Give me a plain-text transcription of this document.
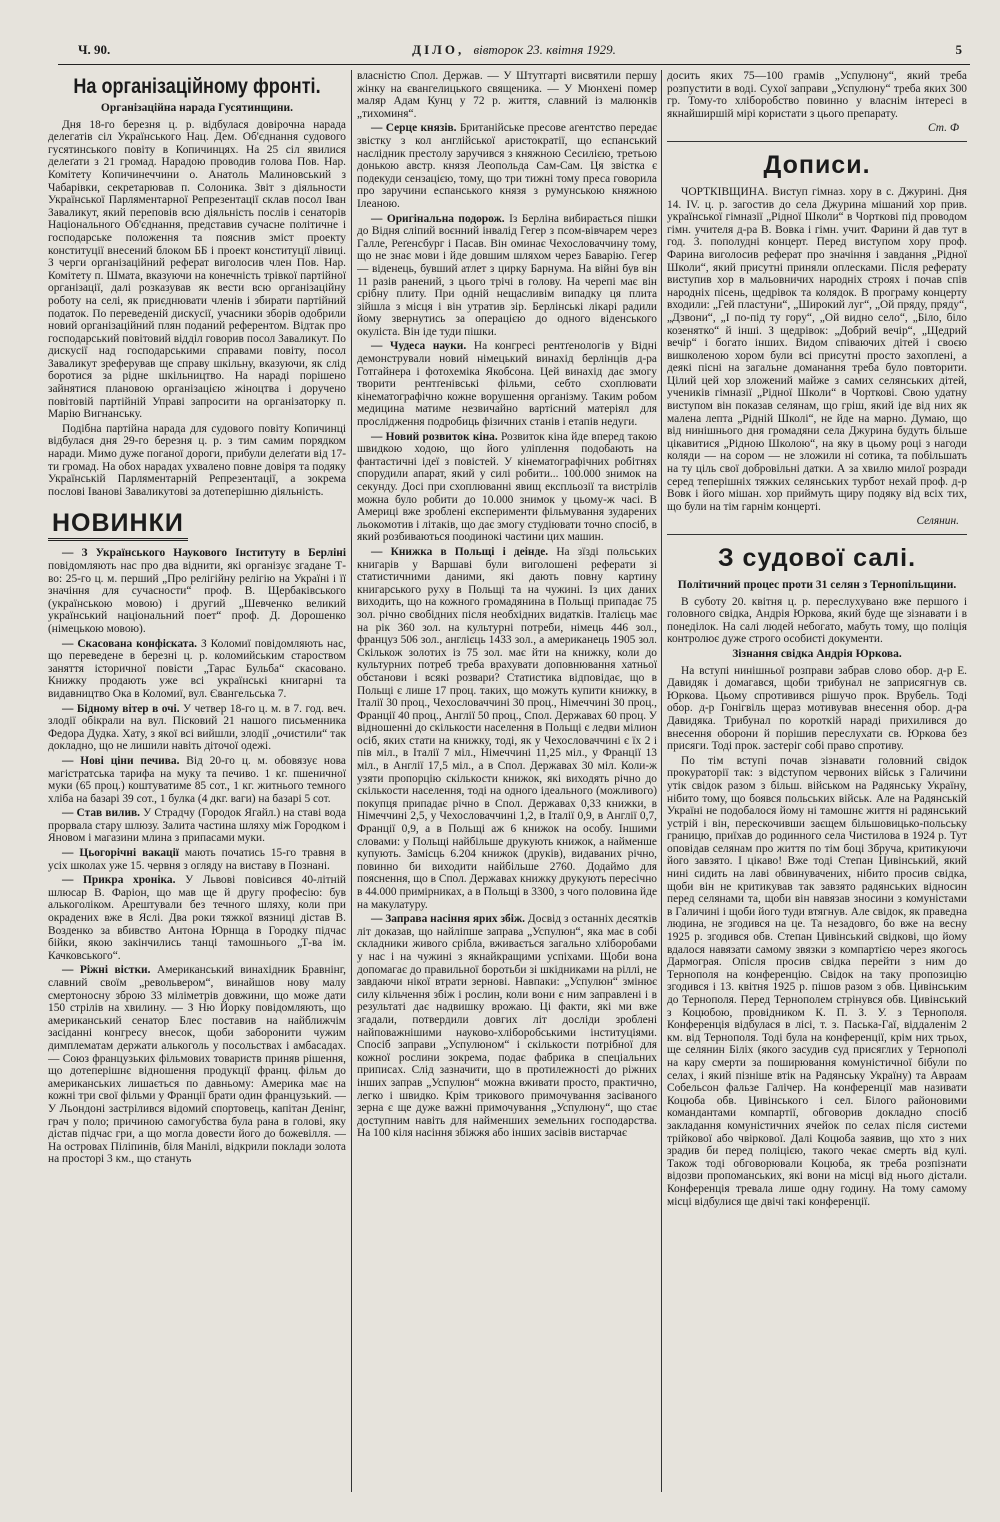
Ч. 90.	ДІЛО, вівторок 23. квітня 1929.	5
На організаційному фронті.
Організаційна нарада Гусятинщини.

Дня 18-го березня ц. р. відбулася довірочна нарада делегатів сіл Українського Нац. Дем. Об'єднання судового гусятинського повіту в Копичинцях. На 25 сіл явилися делеґати з 21 громад. Нарадою проводив голова Пов. Нар. Комітету Копичинеччини о. Анатоль Малиновський з Чабарівки, секретарював п. Солоника. Звіт з діяльности Української Парляментарної Репрезентації склав посол Іван Заваликут, який переповів всю діяльність послів і сенаторів Національного Об'єднання, представив сучасне політичне і господарське положення та пояснив зміст проекту конституції внесений блоком ББ і проект конституції лівиці. З черги організаційний реферат виголосив член Пов. Нар. Комітету п. Шмата, вказуючи на конечність трівкої партійної організації, далі розказував як вести всю організаційну роботу на селі, як приєднювати членів і збирати партійний податок. По переведеній дискусії, учасники зборів одобрили новий організаційний плян поданий референтом. Відтак про господарський повітовий відділ говорив посол Заваликут. По дискусії над господарськими справами повіту, посол Заваликут зреферував ще справу шкільну, вказуючи, як слід боротися за рідне шкільництво. На нараді порішено зайнятися плановою організацією жіноцтва і доручено повітовій партійній Управі запросити на організаторку п. Марію Вигнанську.

Подібна партійна нарада для судового повіту Копичинці відбулася дня 29-го березня ц. р. з тим самим порядком наради. Мимо дуже поганої дороги, прибули делеґати від 17-ти громад. На обох нарадах ухвалено повне довіря та подяку Українській Парляментарній Репрезентації, а зокрема послові Іванові Заваликутові за дотеперішню діяльність.

НОВИНКИ

— З Українського Наукового Інституту в Берліні повідомляють нас про два віднити, які організує згадане Т-во: 25-го ц. м. перший „Про релігійну релігію на Україні і її значіння для сучасности“ проф. В. Щербаківського (українською мовою) і другий „Шевченко великий український національний поет“ проф. Д. Дорошенко (німецькою мовою).

— Скасована конфіската. З Коломиї повідомляють нас, що переведене в березні ц. р. коломийським староством заняття історичної повісти „Тарас Бульба“ скасовано. Книжку продають уже всі українські книгарні та видавництво Ока в Коломиї, вул. Євангельська 7.

— Бідному вітер в очі. У четвер 18-го ц. м. в 7. год. веч. злодії обікрали на вул. Пісковий 21 нашого письменника Федора Дудка. Хату, з якої всі вийшли, злодії „очистили“ так докладно, що не лишили навіть діточої одежі.

— Нові ціни печива. Від 20-го ц. м. обовязує нова магістратська тарифа на муку та печиво. 1 кг. пшеничної муки (65 проц.) коштуватиме 85 сот., 1 кг. житнього темного хліба на базарі 39 сот., 1 булка (4 дкг. ваги) на базарі 5 сот.

— Став вилив. У Страдчу (Городок Ягайл.) на ставі вода прорвала стару шлюзу. Залита частина шляху між Городком і Яновом і магазини млина з припасами муки.

— Цьогорічні вакації мають початись 15-го травня в усіх школах уже 15. червня з огляду на виставу в Познані.

— Прикра хроніка. У Львові повісився 40-літній шлюсар В. Фаріон, що мав ще й другу професію: був алькоголіком. Арештували без течного шляху, коли при окрадених вже в Яслі. Два роки тяжкої вязниці дістав В. Возденко за вбивство Антона Юрнща в Городку підчас бійки, якою закінчились танці тамошнього „Т-ва ім. Качковського“.

— Ріжні вістки. Американський винахідник Бравнінг, славний своїм „револьвером“, винайшов нову малу смертоносну зброю 33 міліметрів довжини, що може дати 150 стрілів на хвилину. — З Ню Йорку повідомляють, що американський сенатор Блес поставив на найближчім засіданні конгресу внесок, щоби заборонити чужим димплематам держати алькоголь у посольствах і амбасадах. — Союз французьких фільмових товариств приняв рішення, що дотеперішнє відношення продукції франц. фільм до американських лишається по давньому: Америка має на кожні три свої фільми у Франції брати один французький. — У Льондоні застрілився відомий спортовець, капітан Денінг, грач у поло; причиною самогубства була рана в голові, яку дістав підчас гри, а що могла довести його до божевілля. — На островах Піліпинів, біля Манілі, відкрили поклади золота на просторі 3 км., що стануть

власністю Спол. Держав. — У Штутгарті висвятили першу жінку на євангелицького священика. — У Мюнхені помер маляр Адам Кунц у 72 р. життя, славний із малюнків „тихоминя“.

— Серце князів. Британійське пресове агентство передає звістку з кол англійської аристократії, що еспанський наслідник престолу заручився з княжною Сесилією, третьою донькою австр. князя Леопольда Сам-Сам. Ця звістка є подекуди сензацією, тому, що три тижні тому преса говорила про заручини еспанського князя з румунською княжною Ілеаною.

— Оригінальна подорож. Із Берліна вибирається пішки до Відня сліпий воєнний інвалід Гегер з псом-вівчарем через Галле, Реґенсбург і Пасав. Він оминає Чехословаччину тому, що не знає мови і йде довшим шляхом через Баварію. Гегер — віденець, бувший атлет з цирку Барнума. На війні був він 11 разів ранений, з цього трічі в голову. На черепі має він срібну плиту. При одній нещасливім випадку ця плита зійшла з місця і він утратив зір. Берлінські лікарі радили йому звернутись за операцією до одного віденського окуліста. Він іде туди пішки.

— Чудеса науки. На конгресі рентґенологів у Відні демонстрували новий німецький винахід берлінців д-ра Готгайнера і фотохеміка Якобсона. Цей винахід дає змогу творити рентґенівські фільми, себто схоплювати кінематографічно кожне ворушення організму. Таким робом медицина матиме незвичайно вартісний матеріял для прослідження подробиць фізичних станів і етапів недуги.

— Новий розвиток кіна. Розвиток кіна йде вперед такою швидкою ходою, що його уліплення подобають на фантастичні ідеї з повістей. У кінематографічних робітнях спорудили апарат, який у силі робити... 100.000 знимок на секунду. Досі при схоплюванні явищ експльозії та вистрілів можна було робити до 10.000 знимок у цьому-ж часі. В Америці вже зроблені експерименти фільмування зударених льокомотив і літаків, що дає змогу студіювати точно спосіб, в який розбиваються поодинокі частини цих машин.

— Книжка в Польщі і деінде. На зїзді польських книгарів у Варшаві були виголошені реферати зі статистичними даними, які дають повну картину книгарського руху в Польщі та на чужині. Із цих даних виходить, що на кожного громадянина в Польщі припадає 75 зол. річно свобідних після необхідних видатків. Італієць має на рік 360 зол. на культурні потреби, німець 446 зол., француз 506 зол., англієць 1433 зол., а американець 1905 зол. Скількож золотих із 75 зол. має йти на книжку, коли до культурних потреб треба врахувати доповнювання хатньої обстанови і всякі розвари? Статистика відповідає, що в Польщі є лише 17 проц. таких, що можуть купити книжку, в Італії 30 проц., Чехословаччині 30 проц., Німеччині 30 проц., Франції 40 проц., Англії 50 проц., Спол. Державах 60 проц. У відношенні до скількости населення в Польщі є ледви мілион осіб, яких стати на книжку, тоді, як у Чехословаччині є їх 2 і пів міл., в Італії 7 міл., Німеччині 11,25 міл., у Франції 13 міл., в Англії 17,5 міл., а в Спол. Державах 30 міл. Коли-ж узяти пропорцію скількости книжок, які виходять річно до скількости населення, тоді на одного ідеального (можливого) покупця припадає річно в Спол. Державах 0,33 книжки, в Німеччині 2,5, у Чехословаччині 1,2, в Італії 0,9, в Англії 0,7, Франції 0,9, а в Польщі аж 6 книжок на особу. Іншими словами: у Польщі найбільше друкують книжок, а найменше купують. Замісць 6.204 книжок (друків), видаваних річно, повинно би виходити найбільше 2760. Додаймо для пояснення, що в Спол. Державах книжку друкують пересічно в 44.000 примірниках, а в Польщі в 3300, з чого половина йде на макулатуру.

— Заправа насіння ярих збіж. Досвід з останніх десятків літ доказав, що найліпше заправа „Успулюн“, яка має в собі складники живого срібла, вживається загально хліборобами у нас і на чужині з якнайкращими успіхами. Щоби вона допомагає до правильної боротьби зі шкідниками на ріллі, не завдаючи нікої втрати зернові. Навпаки: „Успулюн“ змінює силу кільчення збіж і рослин, коли вони є ним заправлені і в результаті дає надвишку врожаю. Ці факти, які ми вже згадали, потвердили довгих літ досліди зроблені найповажнішими науково-хліборобськими інституціями. Спосіб заправи „Успулюном“ і скількости потрібної для кожної рослини зокрема, подає фабрика в спеціальних приписах. Слід зазначити, що в протилежності до ріжних інших заправ „Успулюн“ можна вживати просто, практично, легко і швидко. Крім трикового примочування засіваного зерна є ще дуже важні примочування „Успулюну“, що стає доступним навіть для найменших земельних господарства. На 100 кіля насіння збіжжя або інших засівів вистарчає

досить яких 75—100 грамів „Успулюну“, який треба розпустити в воді. Сухої заправи „Успулюну“ треба яких 300 гр. Тому-то хліборобство повинно у власнім інтересі в якнайширшій мірі користати з цього препарату.

Ст. Ф
Дописи.

ЧОРТКІВЩИНА. Виступ гімназ. хору в с. Джурині. Дня 14. IV. ц. р. загостив до села Джурина мішаний хор прив. української гімназії „Рідної Школи“ в Чорткові під проводом гімн. учителя д-ра В. Вовка і гімн. учит. Фарини й дав тут в год. 3. пополудні концерт. Перед виступом хору проф. Фарина виголосив реферат про значіння і завдання „Рідної Школи“, який присутні приняли оплесками. Після реферату виступив хор в мальовничих народніх строях і почав спів народніх пісень, щедрівок та колядок. В програму концерту входили: „Гей пластуни“, „Широкий луг“, „Ой пряду, пряду“, „Дзвони“, „І по-під ту гору“, „Ой видно село“, „Біло, біло козенятко“ й інші. З щедрівок: „Добрий вечір“, „Щедрий вечір“ і богато інших. Видом співаючих дітей і своєю вишколеною хором були всі присутні просто захоплені, а деякі пісні на загальне доманання треба було повторити. Цілий цей хор зложений майже з самих селянських дітей, учеників гімназії „Рідної Школи“ в Чорткові. Свою удатну виступом він показав селянам, що гріш, який іде від них як малена лепта „Рідній Школі“, не йде на марно. Думаю, що від нинішнього дня громадяни села Джурина будуть більше цікавитися „Рідною Школою“, на яку в цьому році з нагоди коляди — на сором — не зложили ні сотика, та побільшать на ту ціль свої добровільні датки. А за хвилю милої розради серед теперішніх тяжких селянських турбот нехай проф. д-р Вовк і його мішан. хор приймуть щиру подяку від всіх тих, що були на тім гарнім концерті.

Селянин.
З судової салі.
Політичний процес проти 31 селян з Тернопільщини.

В суботу 20. квітня ц. р. переслухувано вже першого і головного свідка, Андрія Юркова, який буде ще зізнавати і в понеділок. На салі людей небогато, мабуть тому, що поліція контролює дуже строго особисті документи.

Зізнання свідка Андрія Юркова.

На вступі нинішньої розправи забрав слово обор. д-р Е. Давидяк і домагався, щоби трибунал не заприсягнув св. Юркова. Цьому спротивився рішучо прок. Врубель. Тоді обор. д-р Гонігвіль щераз мотивував внесення обор. д-ра Давидяка. Трибунал по короткій нараді прихилився до внесення оборони й порішив переслухати св. Юркова без присяги. Тоді прок. застеріг собі право спротиву.

По тім вступі почав зізнавати головний свідок прокураторії так: з відступом червоних військ з Галичини утік свідок разом з більш. військом на Радянську Україну, нібито тому, що боявся польських військ. Але на Радянській Україні не подобалося йому ні тамошнє життя ні радянський устрій і він, перескочивши заєщем більшовицько-польську границю, приїхав до родинного села Чистилова в 1924 р. Тут оповідав селянам про життя по тім боці Збруча, критикуючи його завзято. І цікаво! Вже тоді Степан Цивінський, який нині сидить на лаві обвинувачених, нібито просив свідка, щоби він не критикував так завзято радянських відносин перед селянами та, щоби він навязав зносини з комуністами в Галичині і щоби його туди втягнув. Але свідок, як праведна людина, не згодився на це. Та незадовго, бо вже на весну 1925 р. згодився обв. Степан Цивінський свідкові, що йому вдалося навязати самому звязки з компартією через якогось Дармограя. Опісля просив свідка перейти з ним до Тернополя на конференцію. Свідок на таку пропозицію згодився і 13. квітня 1925 р. пішов разом з обв. Цивінським до Тернополя. Перед Тернополем стрінувся обв. Цивінський з Коцюбою, провідником К. П. З. У. з Тернополя. Конференція відбулася в лісі, т. з. Паська-Гаї, віддаленім 2 км. від Тернополя. Тоді була на конференції, крім них трьох, ще селянин Біліх (якого засудив суд присяглих у Тернополі на кару смерти за поширювання комуністичної бібули по селах, і який пізніше втік на Радянську Україну) та Авраам Собельсон фальзе Галічер. На конференції мав називати Коцюба обв. Цивінського і сел. Білого районовими командантами компартії, обговорив докладно спосіб закладання комуністичних ячейок по селах після системи трійкової або чвіркової. Далі Коцюба заявив, що хто з них зрадив би перед поліцією, такого чекає смерть від кулі. Також тоді обговорювали Коцюба, як треба розпізнати відозви пропоманських, які вони на місці від нього дістали. Конференція тревала лише одну годину. На тому самому місці відбулися ще двічі такі конференції.
